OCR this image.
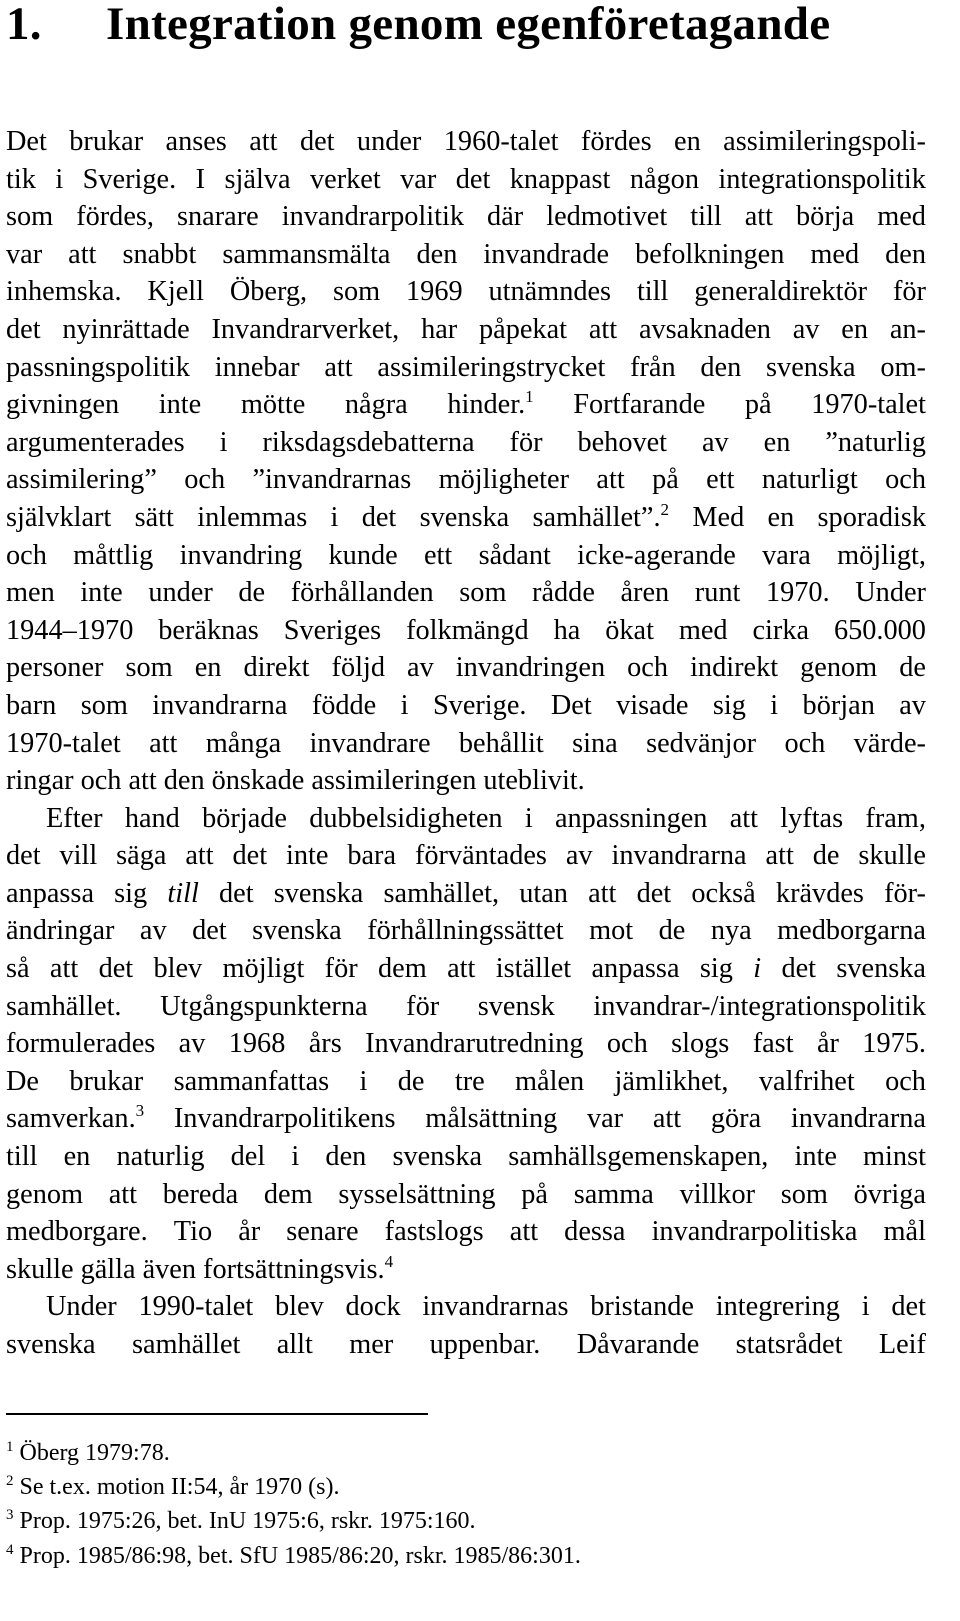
1. Integration genom egenföretagande
Det brukar anses att det under 1960-talet fördes en assimileringspoli-
tik i Sverige. I själva verket var det knappast någon integrationspolitik
som fördes, snarare invandrarpolitik där ledmotivet till att börja med
var att snabbt sammansmälta den invandrade befolkningen med den
inhemska. Kjell Öberg, som 1969 utnämndes till generaldirektör för
det nyinrättade Invandrarverket, har påpekat att avsaknaden av en an-
passningspolitik innebar att assimileringstrycket från den svenska om-
givningen inte mötte några hinder.1 Fortfarande på 1970-talet
argumenterades i riksdagsdebatterna för behovet av en ”naturlig
assimilering” och ”invandrarnas möjligheter att på ett naturligt och
självklart sätt inlemmas i det svenska samhället”.2 Med en sporadisk
och måttlig invandring kunde ett sådant icke-agerande vara möjligt,
men inte under de förhållanden som rådde åren runt 1970. Under
1944–1970 beräknas Sveriges folkmängd ha ökat med cirka 650.000
personer som en direkt följd av invandringen och indirekt genom de
barn som invandrarna födde i Sverige. Det visade sig i början av
1970-talet att många invandrare behållit sina sedvänjor och värde-
ringar och att den önskade assimileringen uteblivit.
Efter hand började dubbelsidigheten i anpassningen att lyftas fram,
det vill säga att det inte bara förväntades av invandrarna att de skulle
anpassa sig till det svenska samhället, utan att det också krävdes för-
ändringar av det svenska förhållningssättet mot de nya medborgarna
så att det blev möjligt för dem att istället anpassa sig i det svenska
samhället. Utgångspunkterna för svensk invandrar-/integrationspolitik
formulerades av 1968 års Invandrarutredning och slogs fast år 1975.
De brukar sammanfattas i de tre målen jämlikhet, valfrihet och
samverkan.3 Invandrarpolitikens målsättning var att göra invandrarna
till en naturlig del i den svenska samhällsgemenskapen, inte minst
genom att bereda dem sysselsättning på samma villkor som övriga
medborgare. Tio år senare fastslogs att dessa invandrarpolitiska mål
skulle gälla även fortsättningsvis.4
Under 1990-talet blev dock invandrarnas bristande integrering i det
svenska samhället allt mer uppenbar. Dåvarande statsrådet Leif
$^1$ Öberg 1979:78.
$^2$ Se t.ex. motion II:54, år 1970 (s).
$^3$ Prop. 1975:26, bet. InU 1975:6, rskr. 1975:160.
$^4$ Prop. 1985/86:98, bet. SfU 1985/86:20, rskr. 1985/86:301.
